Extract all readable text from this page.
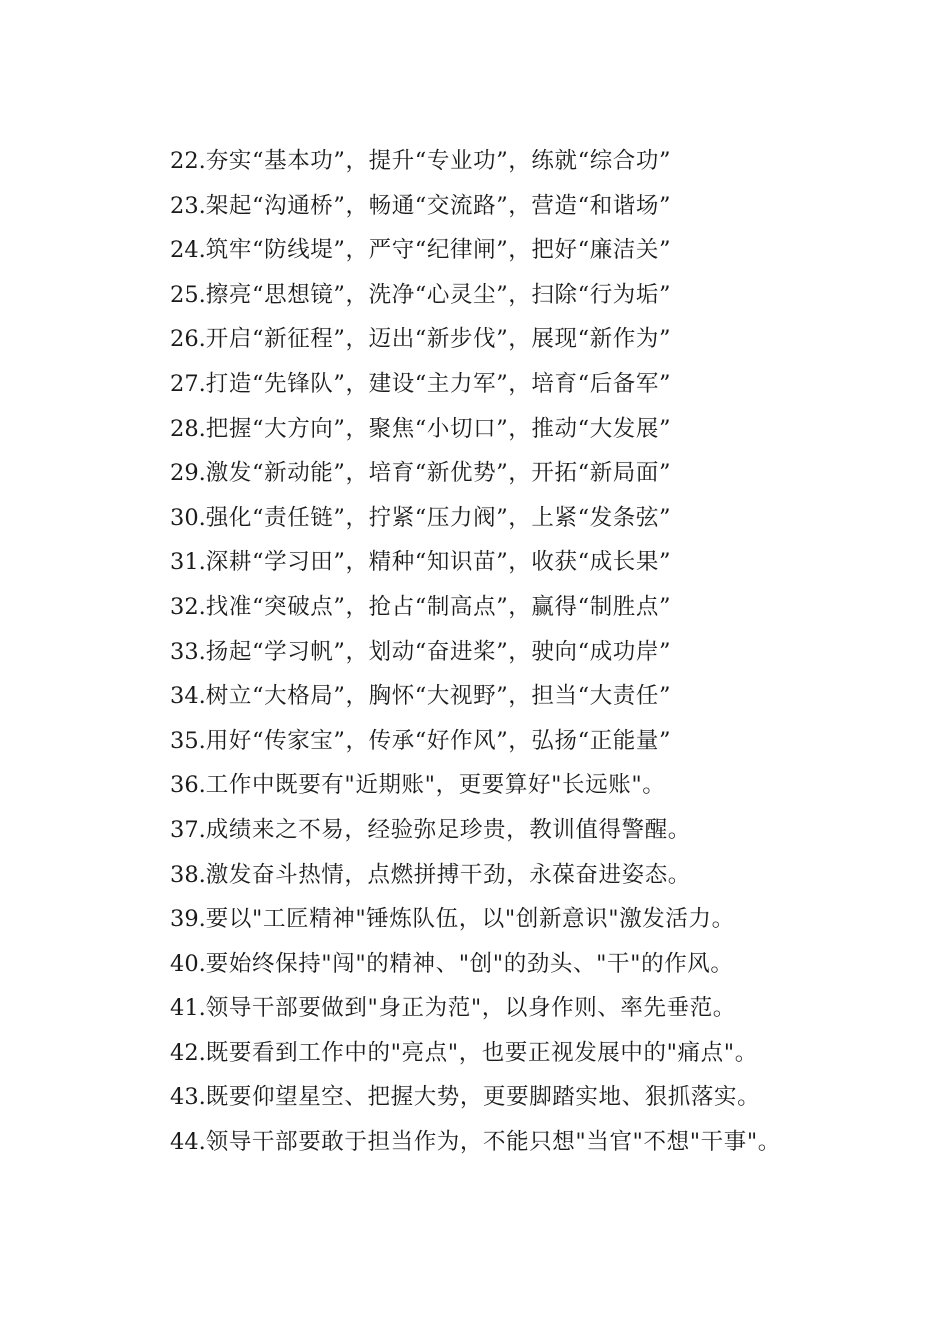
22.夯实“基本功”，提升“专业功”，练就“综合功”
23.架起“沟通桥”，畅通“交流路”，营造“和谐场”
24.筑牢“防线堤”，严守“纪律闸”，把好“廉洁关”
25.擦亮“思想镜”，洗净“心灵尘”，扫除“行为垢”
26.开启“新征程”，迈出“新步伐”，展现“新作为”
27.打造“先锋队”，建设“主力军”，培育“后备军”
28.把握“大方向”，聚焦“小切口”，推动“大发展”
29.激发“新动能”，培育“新优势”，开拓“新局面”
30.强化“责任链”，拧紧“压力阀”，上紧“发条弦”
31.深耕“学习田”，精种“知识苗”，收获“成长果”
32.找准“突破点”，抢占“制高点”，赢得“制胜点”
33.扬起“学习帆”，划动“奋进桨”，驶向“成功岸”
34.树立“大格局”，胸怀“大视野”，担当“大责任”
35.用好“传家宝”，传承“好作风”，弘扬“正能量”
36.工作中既要有"近期账"，更要算好"长远账"。
37.成绩来之不易，经验弥足珍贵，教训值得警醒。
38.激发奋斗热情，点燃拼搏干劲，永葆奋进姿态。
39.要以"工匠精神"锤炼队伍，以"创新意识"激发活力。
40.要始终保持"闯"的精神、"创"的劲头、"干"的作风。
41.领导干部要做到"身正为范"，以身作则、率先垂范。
42.既要看到工作中的"亮点"，也要正视发展中的"痛点"。
43.既要仰望星空、把握大势，更要脚踏实地、狠抓落实。
44.领导干部要敢于担当作为，不能只想"当官"不想"干事"。
